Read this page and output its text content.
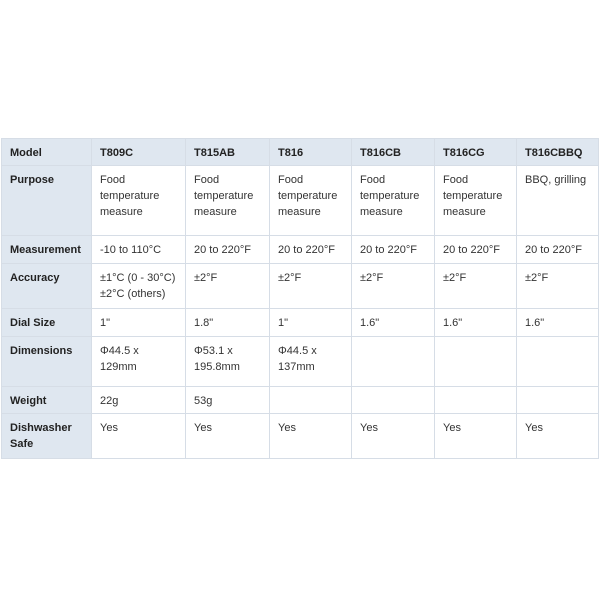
Model	T809C	T815AB	T816	T816CB	T816CG	T816CBBQ

Purpose	Food
temperature
measure	Food
temperature
measure	Food
temperature
measure	Food
temperature
measure	Food
temperature
measure	BBQ, grilling

Measurement	-10 to 110°C	20 to 220°F	20 to 220°F	20 to 220°F	20 to 220°F	20 to 220°F

Accuracy	±1°C (0 - 30°C)
±2°C (others)	±2°F	±2°F	±2°F	±2°F	±2°F

Dial Size	1"	1.8"	1"	1.6"	1.6"	1.6"

Dimensions	Φ44.5 x
129mm	Φ53.1 x
195.8mm	Φ44.5 x
137mm			

Weight	22g	53g				

Dishwasher
Safe	Yes	Yes	Yes	Yes	Yes	Yes
